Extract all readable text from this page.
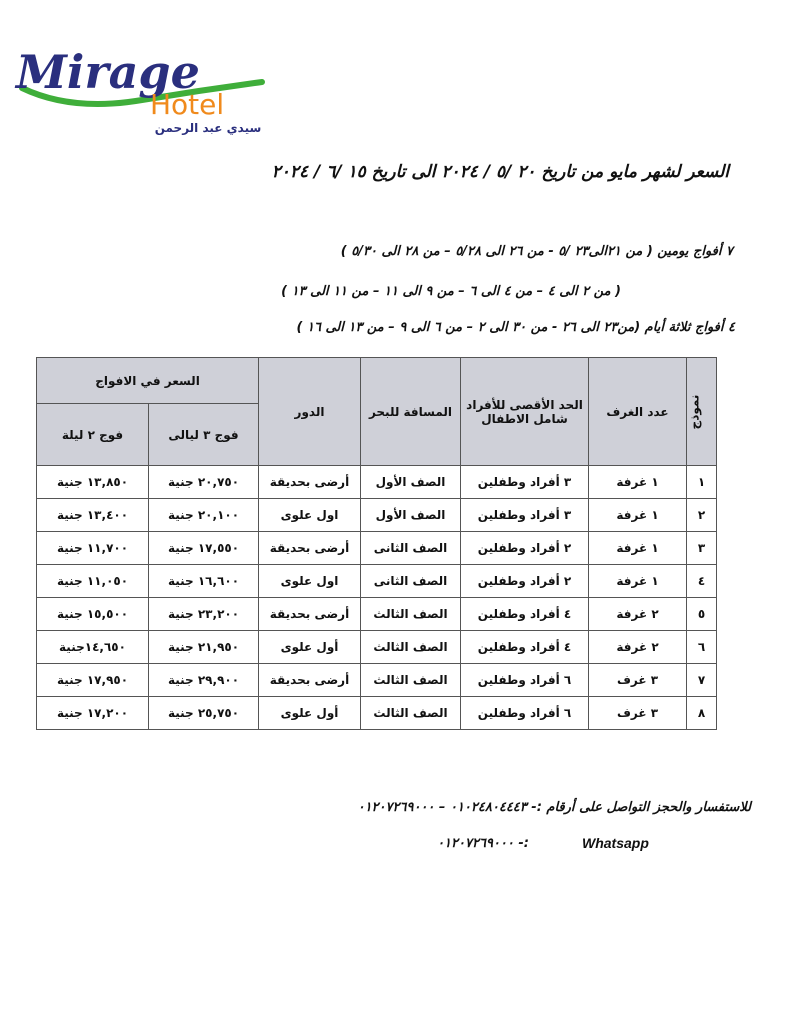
Mirage
Hotel
سيدي عبد الرحمن
السعر لشهر مايو من تاريخ ٢٠ /٥ / ٢٠٢٤ الى تاريخ ١٥ /٦ / ٢٠٢٤
٧ أفواج يومين ( من ٢١الى٢٣ /٥ - من ٢٦ الى ٥/٢٨ – من ٢٨ الى ٥/٣٠ )
( من ٢ الى ٤ – من ٤ الى ٦ – من ٩ الى ١١ – من ١١ الى ١٣ )
٤ أفواج ثلاثة أيام (من٢٣ الى ٢٦ - من ٣٠ الى ٢ – من ٦ الى ٩ – من ١٣ الى ١٦ )
نموذج	عدد الغرف	الحد الأقصى للأفراد شامل الاطفال	المسافة للبحر	الدور	السعر في الافواج	
					فوج ٣ ليالى	فوج ٢ ليلة
١	١ غرفة	٣ أفراد وطفلين	الصف الأول	أرضى بحديقة	٢٠,٧٥٠ جنية	١٣,٨٥٠ جنية
٢	١ غرفة	٣ أفراد وطفلين	الصف الأول	اول علوى	٢٠,١٠٠ جنية	١٣,٤٠٠ جنية
٣	١ غرفة	٢ أفراد وطفلين	الصف الثانى	أرضى بحديقة	١٧,٥٥٠ جنية	١١,٧٠٠ جنية
٤	١ غرفة	٢ أفراد وطفلين	الصف الثانى	اول علوى	١٦,٦٠٠ جنية	١١,٠٥٠ جنية
٥	٢ غرفة	٤ أفراد وطفلين	الصف الثالث	أرضى بحديقة	٢٣,٢٠٠ جنية	١٥,٥٠٠ جنية
٦	٢ غرفة	٤ أفراد وطفلين	الصف الثالث	أول علوى	٢١,٩٥٠ جنية	١٤,٦٥٠جنية
٧	٣ غرف	٦ أفراد وطفلين	الصف الثالث	أرضى بحديقة	٢٩,٩٠٠ جنية	١٧,٩٥٠ جنية
٨	٣ غرف	٦ أفراد وطفلين	الصف الثالث	أول علوى	٢٥,٧٥٠ جنية	١٧,٢٠٠ جنية
للاستفسار والحجز التواصل على أرقام :- ٠١٠٢٤٨٠٤٤٤٣ – ٠١٢٠٧٢٦٩٠٠٠
Whatsapp
:- ٠١٢٠٧٢٦٩٠٠٠
